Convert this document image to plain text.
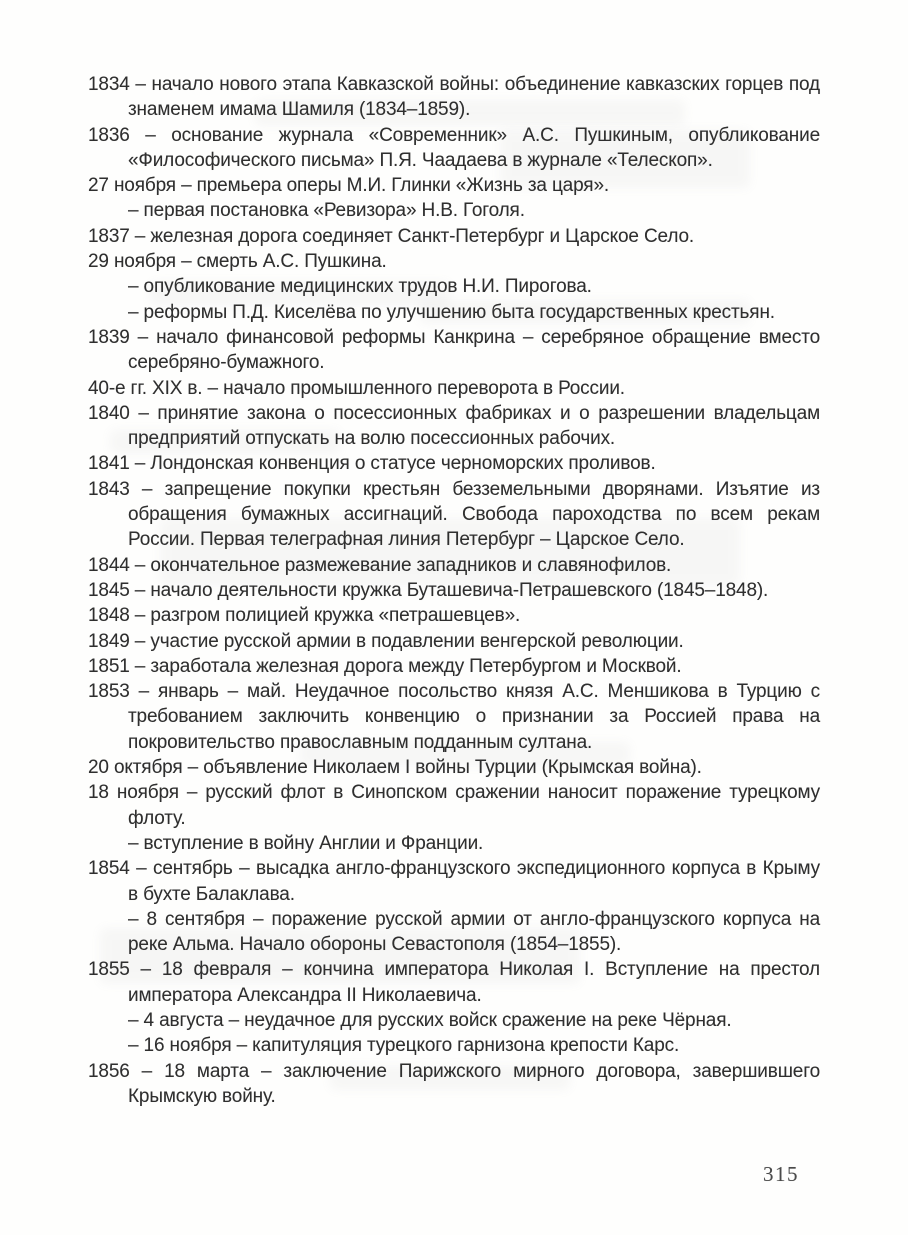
1834 – начало нового этапа Кавказской войны: объединение кавказских горцев под знаменем имама Шамиля (1834–1859).

1836 – основание журнала «Современник» А.С. Пушкиным, опубликование «Философического письма» П.Я. Чаадаева в журнале «Телескоп».

27 ноября – премьера оперы М.И. Глинки «Жизнь за царя».

– первая постановка «Ревизора» Н.В. Гоголя.

1837 – железная дорога соединяет Санкт-Петербург и Царское Село.

29 ноября – смерть А.С. Пушкина.

– опубликование медицинских трудов Н.И. Пирогова.

– реформы П.Д. Киселёва по улучшению быта государственных крестьян.

1839 – начало финансовой реформы Канкрина – серебряное обращение вместо серебряно-бумажного.

40-е гг. XIX в. – начало промышленного переворота в России.

1840 – принятие закона о посессионных фабриках и о разрешении владельцам предприятий отпускать на волю посессионных рабочих.

1841 – Лондонская конвенция о статусе черноморских проливов.

1843 – запрещение покупки крестьян безземельными дворянами. Изъятие из обращения бумажных ассигнаций. Свобода пароходства по всем рекам России. Первая телеграфная линия Петербург – Царское Село.

1844 – окончательное размежевание западников и славянофилов.

1845 – начало деятельности кружка Буташевича-Петрашевского (1845–1848).

1848 – разгром полицией кружка «петрашевцев».

1849 – участие русской армии в подавлении венгерской революции.

1851 – заработала железная дорога между Петербургом и Москвой.

1853 – январь – май. Неудачное посольство князя А.С. Меншикова в Турцию с требованием заключить конвенцию о признании за Россией права на покровительство православным подданным султана.

20 октября – объявление Николаем I войны Турции (Крымская война).

18 ноября – русский флот в Синопском сражении наносит поражение турецкому флоту.

– вступление в войну Англии и Франции.

1854 – сентябрь – высадка англо-французского экспедиционного корпуса в Крыму в бухте Балаклава.

– 8 сентября – поражение русской армии от англо-французского корпуса на реке Альма. Начало обороны Севастополя (1854–1855).

1855 – 18 февраля – кончина императора Николая I. Вступление на престол императора Александра II Николаевича.

– 4 августа – неудачное для русских войск сражение на реке Чёрная.

– 16 ноября – капитуляция турецкого гарнизона крепости Карс.

1856 – 18 марта – заключение Парижского мирного договора, завершившего Крымскую войну.

315
